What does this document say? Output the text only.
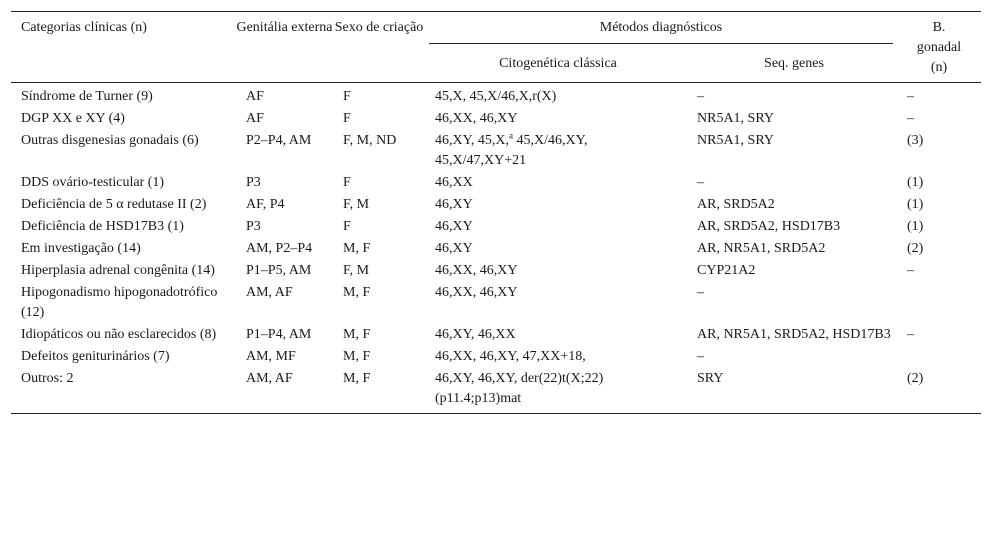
Categorias clínicas (n)	Genitália externa	Sexo de criação	Métodos diagnósticos		B. gonadal (n)
			Citogenética clássica	Seq. genes	
Síndrome de Turner (9)	AF	F	45,X, 45,X/46,X,r(X)	–	–
DGP XX e XY (4)	AF	F	46,XX, 46,XY	NR5A1, SRY	–
Outras disgenesias gonadais (6)	P2–P4, AM	F, M, ND	46,XY, 45,X,$^a$ 45,X/46,XY, 45,X/47,XY+21	NR5A1, SRY	(3)
DDS ovário-testicular (1)	P3	F	46,XX	–	(1)
Deficiência de 5 α redutase II (2)	AF, P4	F, M	46,XY	AR, SRD5A2	(1)
Deficiência de HSD17B3 (1)	P3	F	46,XY	AR, SRD5A2, HSD17B3	(1)
Em investigação (14)	AM, P2–P4	M, F	46,XY	AR, NR5A1, SRD5A2	(2)
Hiperplasia adrenal congênita (14)	P1–P5, AM	F, M	46,XX, 46,XY	CYP21A2	–
Hipogonadismo hipogonadotrófico (12)	AM, AF	M, F	46,XX, 46,XY	–	
Idiopáticos ou não esclarecidos (8)	P1–P4, AM	M, F	46,XY, 46,XX	AR, NR5A1, SRD5A2, HSD17B3	–
Defeitos geniturinários (7)	AM, MF	M, F	46,XX, 46,XY, 47,XX+18,	–	
Outros: 2	AM, AF	M, F	46,XY, 46,XY, der(22)t(X;22)(p11.4;p13)mat	SRY	(2)
